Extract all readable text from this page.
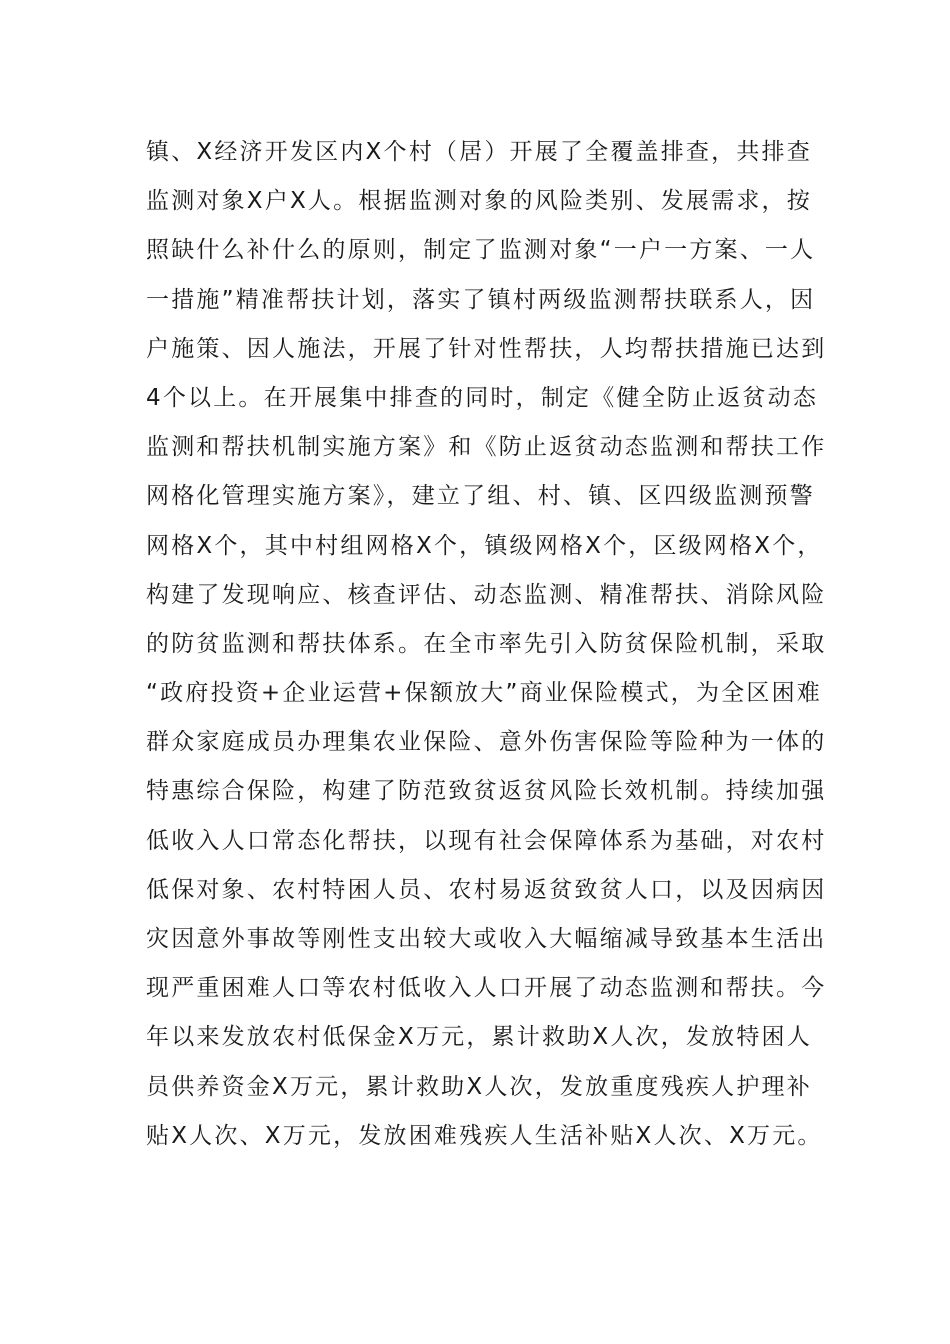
镇、X经济开发区内X个村（居）开展了全覆盖排查，共排查
监测对象X户X人。根据监测对象的风险类别、发展需求，按
照缺什么补什么的原则，制定了监测对象“一户一方案、一人
一措施”精准帮扶计划，落实了镇村两级监测帮扶联系人，因
户施策、因人施法，开展了针对性帮扶，人均帮扶措施已达到
4个以上。在开展集中排查的同时，制定《健全防止返贫动态
监测和帮扶机制实施方案》和《防止返贫动态监测和帮扶工作
网格化管理实施方案》，建立了组、村、镇、区四级监测预警
网格X个，其中村组网格X个，镇级网格X个，区级网格X个，
构建了发现响应、核查评估、动态监测、精准帮扶、消除风险
的防贫监测和帮扶体系。在全市率先引入防贫保险机制，采取
“政府投资+企业运营+保额放大”商业保险模式，为全区困难
群众家庭成员办理集农业保险、意外伤害保险等险种为一体的
特惠综合保险，构建了防范致贫返贫风险长效机制。持续加强
低收入人口常态化帮扶，以现有社会保障体系为基础，对农村
低保对象、农村特困人员、农村易返贫致贫人口，以及因病因
灾因意外事故等刚性支出较大或收入大幅缩减导致基本生活出
现严重困难人口等农村低收入人口开展了动态监测和帮扶。今
年以来发放农村低保金X万元，累计救助X人次，发放特困人
员供养资金X万元，累计救助X人次，发放重度残疾人护理补
贴X人次、X万元，发放困难残疾人生活补贴X人次、X万元。
